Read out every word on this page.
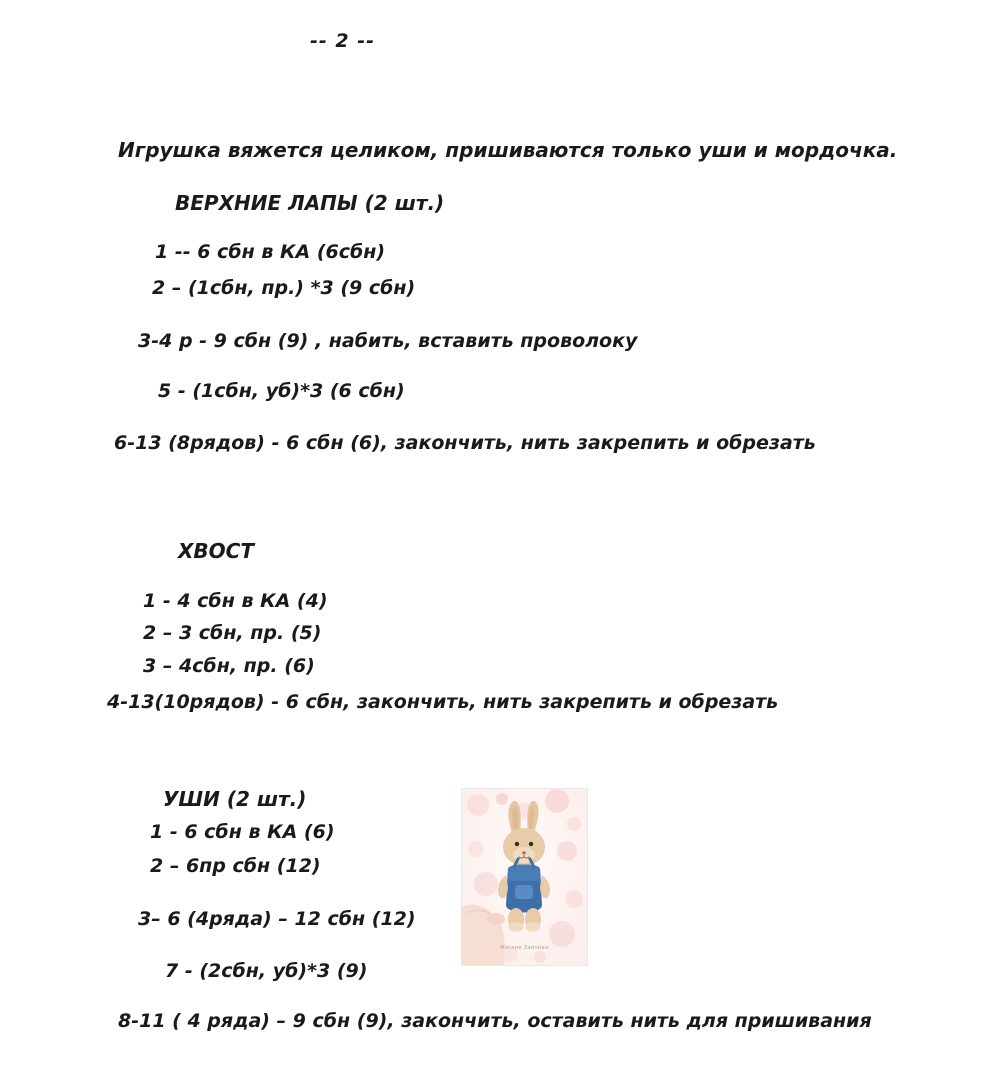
-- 2 --
Игрушка вяжется целиком, пришиваются только уши и мордочка.
ВЕРХНИЕ ЛАПЫ (2 шт.)
1 -- 6 сбн в КА (6сбн)
2 – (1сбн, пр.) *3 (9 сбн)
3-4 р - 9 сбн (9) , набить, вставить проволоку
5 - (1сбн, уб)*3 (6 сбн)
6-13 (8рядов) - 6 сбн (6), закончить, нить закрепить и обрезать
ХВОСТ
1 - 4 сбн в КА (4)
2 – 3 сбн, пр. (5)
3 – 4сбн, пр. (6)
4-13(10рядов) - 6 сбн, закончить, нить закрепить и обрезать
УШИ (2 шт.)
1 - 6 сбн в КА (6)
2 – 6пр сбн (12)
3– 6 (4ряда) – 12 сбн (12)
7 - (2сбн, уб)*3 (9)
8-11 ( 4 ряда) – 9 сбн (9), закончить, оставить нить для пришивания
Мягкие Зайчики
